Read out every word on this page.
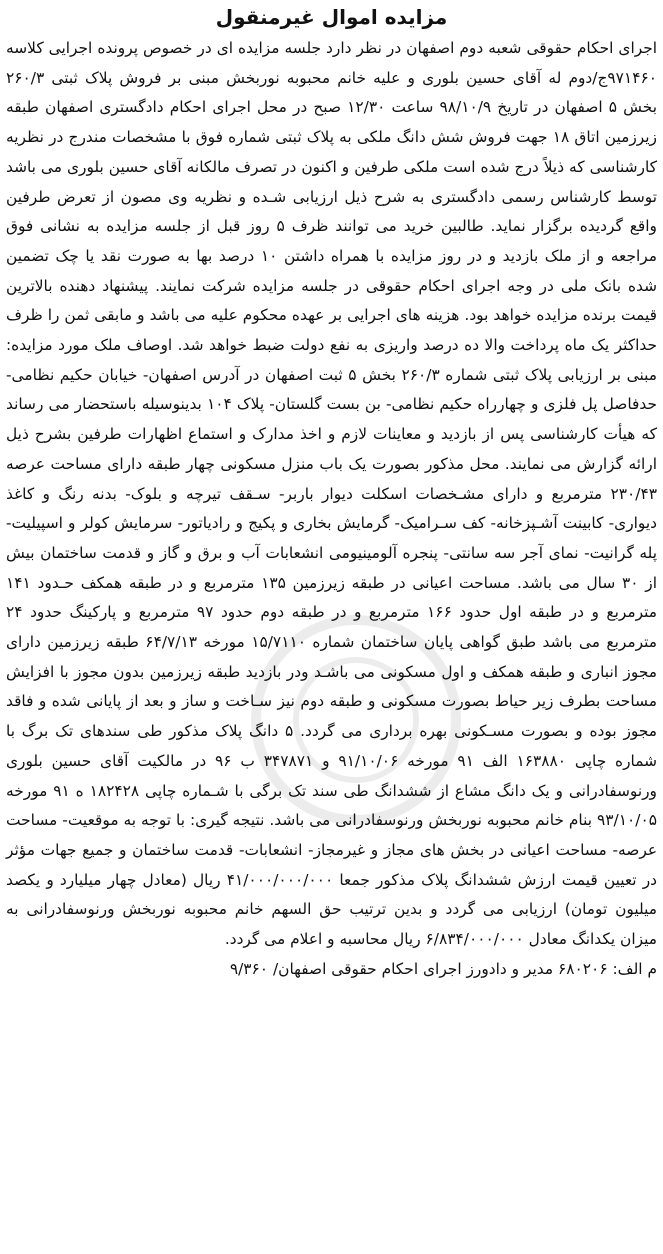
مزایده اموال غیرمنقول

اجرای احکام حقوقی شعبه دوم اصفهان در نظر دارد جلسه مزایده ای در خصوص پرونده اجرایی کلاسه ۹۷۱۴۶۰ج/دوم له آقای حسین بلوری و علیه خانم محبوبه نوربخش مبنی بر فروش پلاک ثبتی ۲۶۰/۳ بخش ۵ اصفهان در تاریخ ۹۸/۱۰/۹ ساعت ۱۲/۳۰ صبح در محل اجرای احکام دادگستری اصفهان طبقه زیرزمین اتاق ۱۸ جهت فروش شش دانگ ملکی به پلاک ثبتی شماره فوق با مشخصات مندرج در نظریه کارشناسی که ذیلاً درج شده است ملکی طرفین و اکنون در تصرف مالکانه آقای حسین بلوری می باشد توسط کارشناس رسمی دادگستری به شرح ذیل ارزیابی شـده و نظریه وی مصون از تعرض طرفین واقع گردیده برگزار نماید. طالبین خرید می توانند ظرف ۵ روز قبل از جلسه مزایده به نشانی فوق مراجعه و از ملک بازدید و در روز مزایده با همراه داشتن ۱۰ درصد بها به صورت نقد یا چک تضمین شده بانک ملی در وجه اجرای احکام حقوقی در جلسه مزایده شرکت نمایند. پیشنهاد دهنده بالاترین قیمت برنده مزایده خواهد بود. هزینه های اجرایی بر عهده محکوم علیه می باشد و مابقی ثمن را ظرف حداکثر یک ماه پرداخت والا ده درصد واریزی به نفع دولت ضبط خواهد شد. اوصاف ملک مورد مزایده: مبنی بر ارزیابی پلاک ثبتی شماره ۲۶۰/۳ بخش ۵ ثبت اصفهان در آدرس اصفهان- خیابان حکیم نظامی- حدفاصل پل فلزی و چهارراه حکیم نظامی- بن بست گلستان- پلاک ۱۰۴ بدینوسیله باستحضار می رساند که هیأت کارشناسی پس از بازدید و معاینات لازم و اخذ مدارک و استماع اظهارات طرفین بشرح ذیل ارائه گزارش می نمایند. محل مذکور بصورت یک باب منزل مسکونی چهار طبقه دارای مساحت عرصه ۲۳۰/۴۳ مترمربع و دارای مشـخصات اسکلت دیوار باربر- سـقف تیرچه و بلوک- بدنه رنگ و کاغذ دیواری- کابینت آشـپزخانه- کف سـرامیک- گرمایش بخاری و پکیج و رادیاتور- سرمایش کولر و اسپیلیت- پله گرانیت- نمای آجر سه سانتی- پنجره آلومینیومی انشعابات آب و برق و گاز و قدمت ساختمان بیش از ۳۰ سال می باشد. مساحت اعیانی در طبقه زیرزمین ۱۳۵ مترمربع و در طبقه همکف حـدود ۱۴۱ مترمربع و در طبقه اول حدود ۱۶۶ مترمربع و در طبقه دوم حدود ۹۷ مترمربع و پارکینگ حدود ۲۴ مترمربع می باشد طبق گواهی پایان ساختمان شماره ۱۵/۷۱۱۰ مورخه ۶۴/۷/۱۳ طبقه زیرزمین دارای مجوز انباری و طبقه همکف و اول مسکونی می باشـد ودر بازدید طبقه زیرزمین بدون مجوز با افزایش مساحت بطرف زیر حیاط بصورت مسکونی و طبقه دوم نیز سـاخت و ساز و بعد از پایانی شده و فاقد مجوز بوده و بصورت مسـکونی بهره برداری می گردد. ۵ دانگ پلاک مذکور طی سندهای تک برگ با شماره چاپی ۱۶۳۸۸۰ الف ۹۱ مورخه ۹۱/۱۰/۰۶ و ۳۴۷۸۷۱ ب ۹۶ در مالکیت آقای حسین بلوری ورنوسفادرانی و یک دانگ مشاع از ششدانگ طی سند تک برگی با شـماره چاپی ۱۸۲۴۲۸ ه ۹۱ مورخه ۹۳/۱۰/۰۵ بنام خانم محبوبه نوربخش ورنوسفادرانی می باشد. نتیجه گیری: با توجه به موقعیت- مساحت عرصه- مساحت اعیانی در بخش های مجاز و غیرمجاز- انشعابات- قدمت ساختمان و جمیع جهات مؤثر در تعیین قیمت ارزش ششدانگ پلاک مذکور جمعا ۴۱/۰۰۰/۰۰۰/۰۰۰ ریال (معادل چهار میلیارد و یکصد میلیون تومان) ارزیابی می گردد و بدین ترتیب حق السهم خانم محبوبه نوربخش ورنوسفادرانی به میزان یکدانگ معادل ۶/۸۳۴/۰۰۰/۰۰۰ ریال محاسبه و اعلام می گردد.

م الف: ۶۸۰۲۰۶ مدیر و دادورز اجرای احکام حقوقی اصفهان/ ۹/۳۶۰
